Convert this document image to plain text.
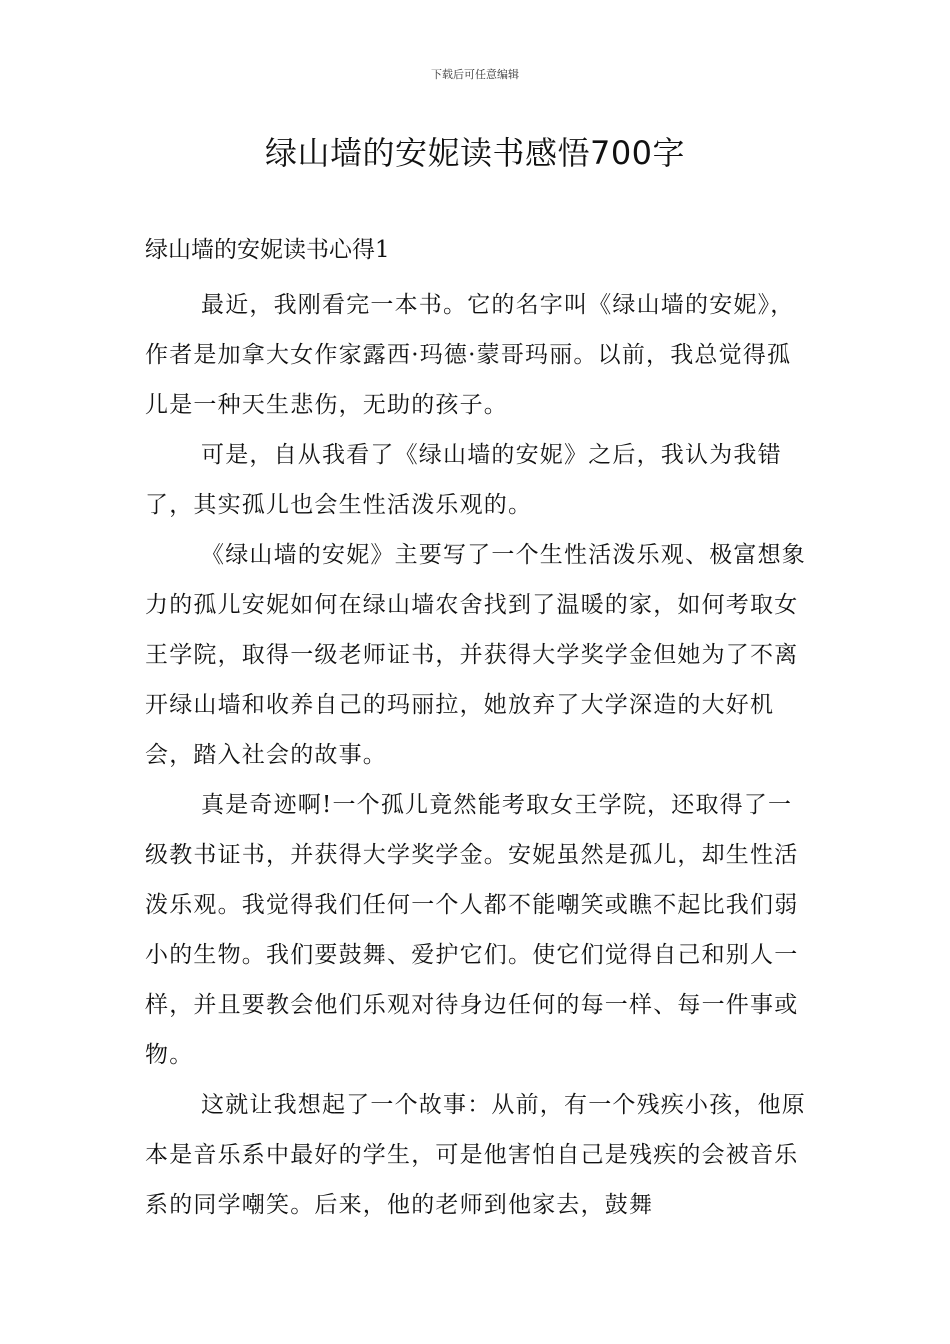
下载后可任意编辑
绿山墙的安妮读书感悟700字
绿山墙的安妮读书心得1

最近，我刚看完一本书。它的名字叫《绿山墙的安妮》，作者是加拿大女作家露西·玛德·蒙哥玛丽。以前，我总觉得孤儿是一种天生悲伤，无助的孩子。

可是，自从我看了《绿山墙的安妮》之后，我认为我错了，其实孤儿也会生性活泼乐观的。

《绿山墙的安妮》主要写了一个生性活泼乐观、极富想象力的孤儿安妮如何在绿山墙农舍找到了温暖的家，如何考取女王学院，取得一级老师证书，并获得大学奖学金但她为了不离开绿山墙和收养自己的玛丽拉，她放弃了大学深造的大好机会，踏入社会的故事。

真是奇迹啊!一个孤儿竟然能考取女王学院，还取得了一级教书证书，并获得大学奖学金。安妮虽然是孤儿，却生性活泼乐观。我觉得我们任何一个人都不能嘲笑或瞧不起比我们弱小的生物。我们要鼓舞、爱护它们。使它们觉得自己和别人一样，并且要教会他们乐观对待身边任何的每一样、每一件事或物。

这就让我想起了一个故事：从前，有一个残疾小孩，他原本是音乐系中最好的学生，可是他害怕自己是残疾的会被音乐系的同学嘲笑。后来，他的老师到他家去，鼓舞
